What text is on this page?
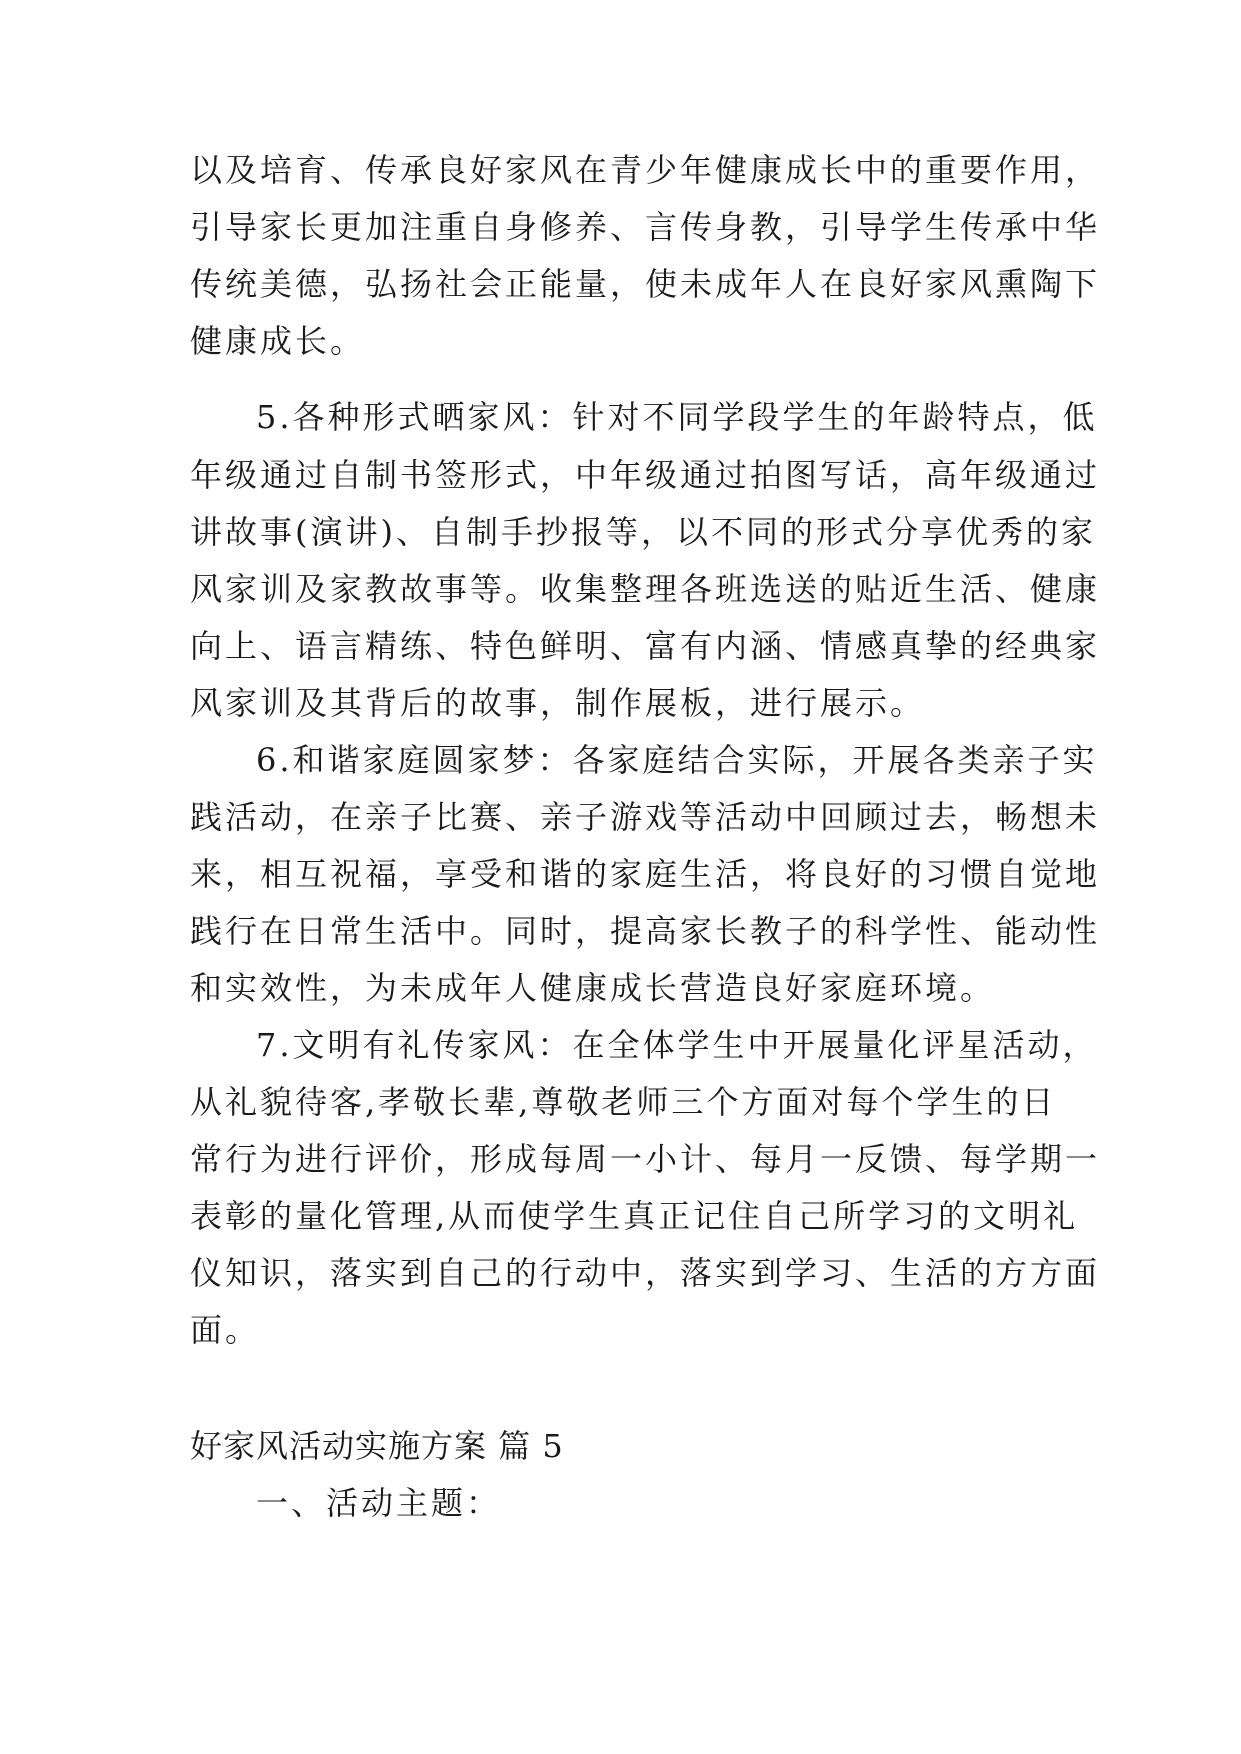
以及培育、传承良好家风在青少年健康成长中的重要作用，
引导家长更加注重自身修养、言传身教，引导学生传承中华
传统美德，弘扬社会正能量，使未成年人在良好家风熏陶下
健康成长。
5.各种形式晒家风：针对不同学段学生的年龄特点，低
年级通过自制书签形式，中年级通过拍图写话，高年级通过
讲故事(演讲)、自制手抄报等，以不同的形式分享优秀的家
风家训及家教故事等。收集整理各班选送的贴近生活、健康
向上、语言精练、特色鲜明、富有内涵、情感真挚的经典家
风家训及其背后的故事，制作展板，进行展示。
6.和谐家庭圆家梦：各家庭结合实际，开展各类亲子实
践活动，在亲子比赛、亲子游戏等活动中回顾过去，畅想未
来，相互祝福，享受和谐的家庭生活，将良好的习惯自觉地
践行在日常生活中。同时，提高家长教子的科学性、能动性
和实效性，为未成年人健康成长营造良好家庭环境。
7.文明有礼传家风：在全体学生中开展量化评星活动，
从礼貌待客,孝敬长辈,尊敬老师三个方面对每个学生的日
常行为进行评价，形成每周一小计、每月一反馈、每学期一
表彰的量化管理,从而使学生真正记住自己所学习的文明礼
仪知识，落实到自己的行动中，落实到学习、生活的方方面
面。
好家风活动实施方案 篇 5
一、活动主题：
